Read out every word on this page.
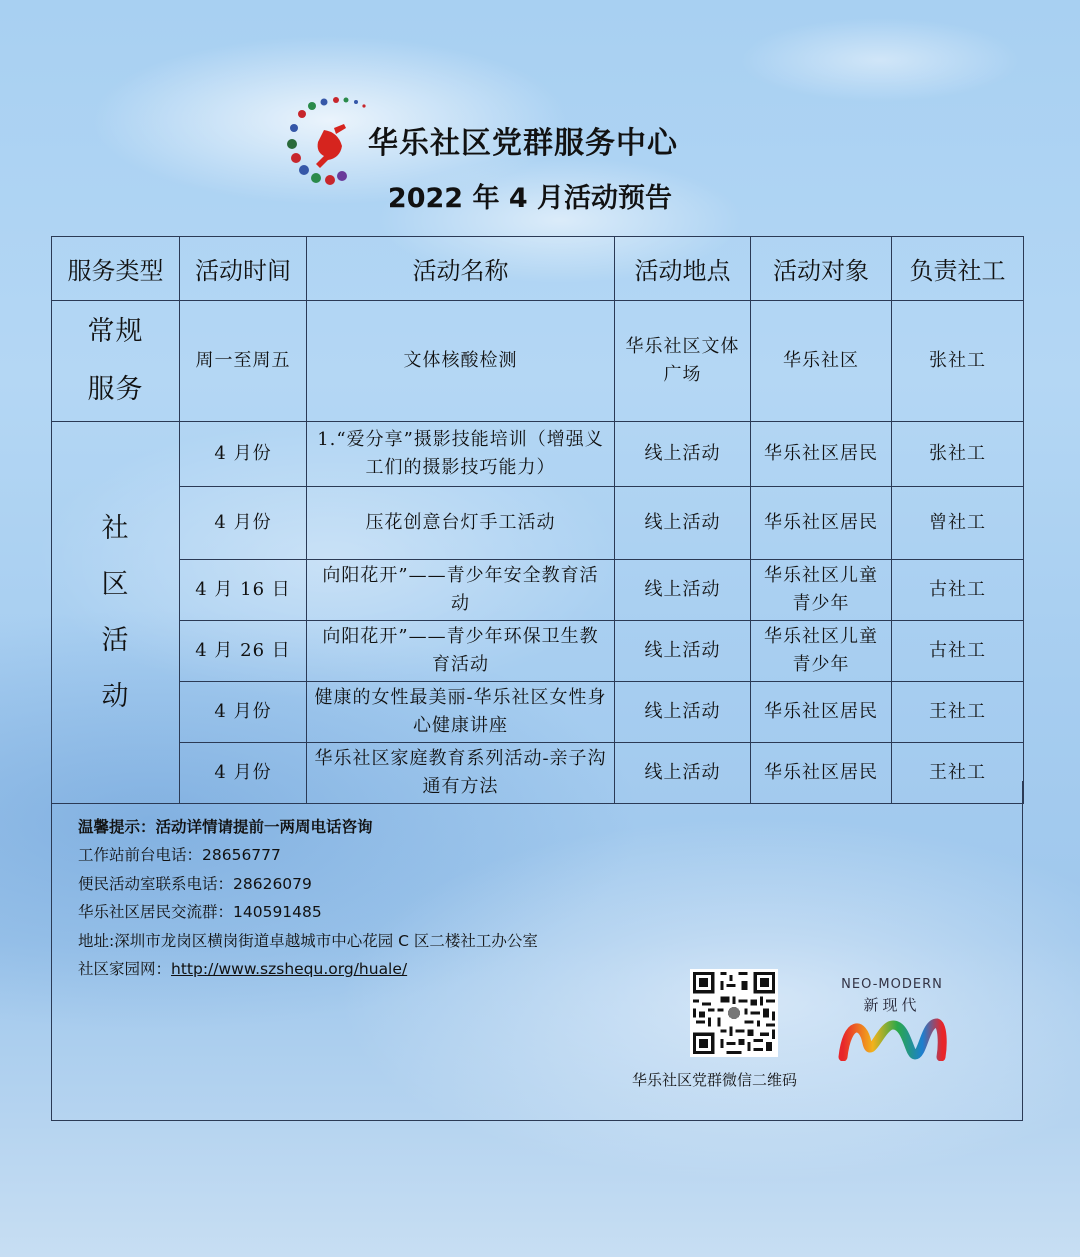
华乐社区党群服务中心
2022 年 4 月活动预告
服务类型	活动时间	活动名称	活动地点	活动对象	负责社工

常规
服务	周一至周五	文体核酸检测	华乐社区文体广场	华乐社区	张社工

社
区
活
动	4 月份	1.“爱分享”摄影技能培训（增强义工们的摄影技巧能力）	线上活动	华乐社区居民	张社工
	4 月份	压花创意台灯手工活动	线上活动	华乐社区居民	曾社工
	4 月 16 日	向阳花开”——青少年安全教育活动	线上活动	华乐社区儿童青少年	古社工
	4 月 26 日	向阳花开”——青少年环保卫生教育活动	线上活动	华乐社区儿童青少年	古社工
	4 月份	健康的女性最美丽-华乐社区女性身心健康讲座	线上活动	华乐社区居民	王社工
	4 月份	华乐社区家庭教育系列活动-亲子沟通有方法	线上活动	华乐社区居民	王社工
温馨提示：活动详情请提前一两周电话咨询
工作站前台电话：28656777
便民活动室联系电话：28626079
华乐社区居民交流群：140591485
地址:深圳市龙岗区横岗街道卓越城市中心花园 C 区二楼社工办公室
社区家园网：http://www.szshequ.org/huale/
华乐社区党群微信二维码
NEO-MODERN
新现代
